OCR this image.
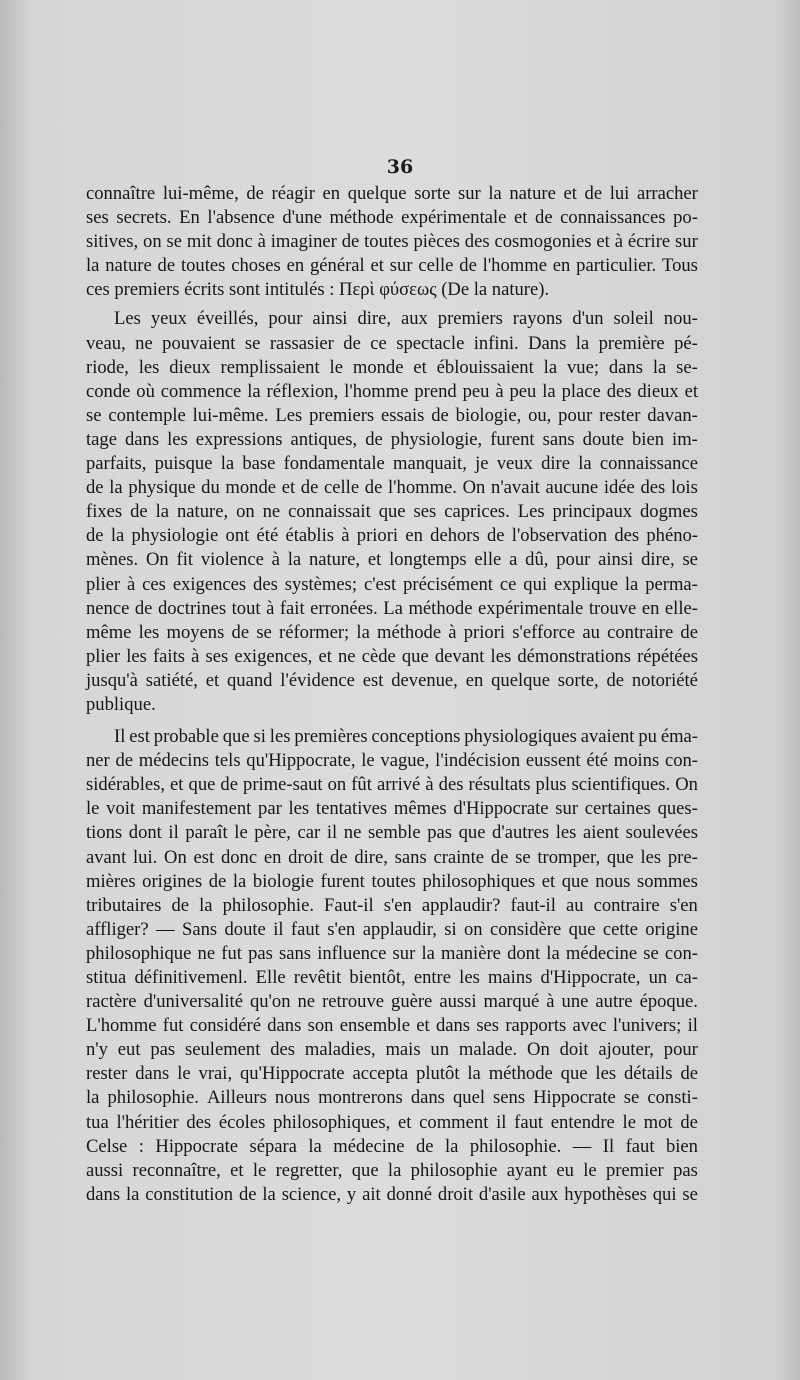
36
connaître lui-même, de réagir en quelque sorte sur la nature et de lui arracher
ses secrets. En l'absence d'une méthode expérimentale et de connaissances po-
sitives, on se mit donc à imaginer de toutes pièces des cosmogonies et à écrire sur
la nature de toutes choses en général et sur celle de l'homme en particulier. Tous
ces premiers écrits sont intitulés : Περὶ φύσεως (De la nature).
Les yeux éveillés, pour ainsi dire, aux premiers rayons d'un soleil nou-
veau, ne pouvaient se rassasier de ce spectacle infini. Dans la première pé-
riode, les dieux remplissaient le monde et éblouissaient la vue; dans la se-
conde où commence la réflexion, l'homme prend peu à peu la place des dieux et
se contemple lui-même. Les premiers essais de biologie, ou, pour rester davan-
tage dans les expressions antiques, de physiologie, furent sans doute bien im-
parfaits, puisque la base fondamentale manquait, je veux dire la connaissance
de la physique du monde et de celle de l'homme. On n'avait aucune idée des lois
fixes de la nature, on ne connaissait que ses caprices. Les principaux dogmes
de la physiologie ont été établis à priori en dehors de l'observation des phéno-
mènes. On fit violence à la nature, et longtemps elle a dû, pour ainsi dire, se
plier à ces exigences des systèmes; c'est précisément ce qui explique la perma-
nence de doctrines tout à fait erronées. La méthode expérimentale trouve en elle-
même les moyens de se réformer; la méthode à priori s'efforce au contraire de
plier les faits à ses exigences, et ne cède que devant les démonstrations répétées
jusqu'à satiété, et quand l'évidence est devenue, en quelque sorte, de notoriété
publique.
Il est probable que si les premières conceptions physiologiques avaient pu éma-
ner de médecins tels qu'Hippocrate, le vague, l'indécision eussent été moins con-
sidérables, et que de prime-saut on fût arrivé à des résultats plus scientifiques. On
le voit manifestement par les tentatives mêmes d'Hippocrate sur certaines ques-
tions dont il paraît le père, car il ne semble pas que d'autres les aient soulevées
avant lui. On est donc en droit de dire, sans crainte de se tromper, que les pre-
mières origines de la biologie furent toutes philosophiques et que nous sommes
tributaires de la philosophie. Faut-il s'en applaudir? faut-il au contraire s'en
affliger? — Sans doute il faut s'en applaudir, si on considère que cette origine
philosophique ne fut pas sans influence sur la manière dont la médecine se con-
stitua définitivemenl. Elle revêtit bientôt, entre les mains d'Hippocrate, un ca-
ractère d'universalité qu'on ne retrouve guère aussi marqué à une autre époque.
L'homme fut considéré dans son ensemble et dans ses rapports avec l'univers; il
n'y eut pas seulement des maladies, mais un malade. On doit ajouter, pour
rester dans le vrai, qu'Hippocrate accepta plutôt la méthode que les détails de
la philosophie. Ailleurs nous montrerons dans quel sens Hippocrate se consti-
tua l'héritier des écoles philosophiques, et comment il faut entendre le mot de
Celse : Hippocrate sépara la médecine de la philosophie. — Il faut bien
aussi reconnaître, et le regretter, que la philosophie ayant eu le premier pas
dans la constitution de la science, y ait donné droit d'asile aux hypothèses qui se
